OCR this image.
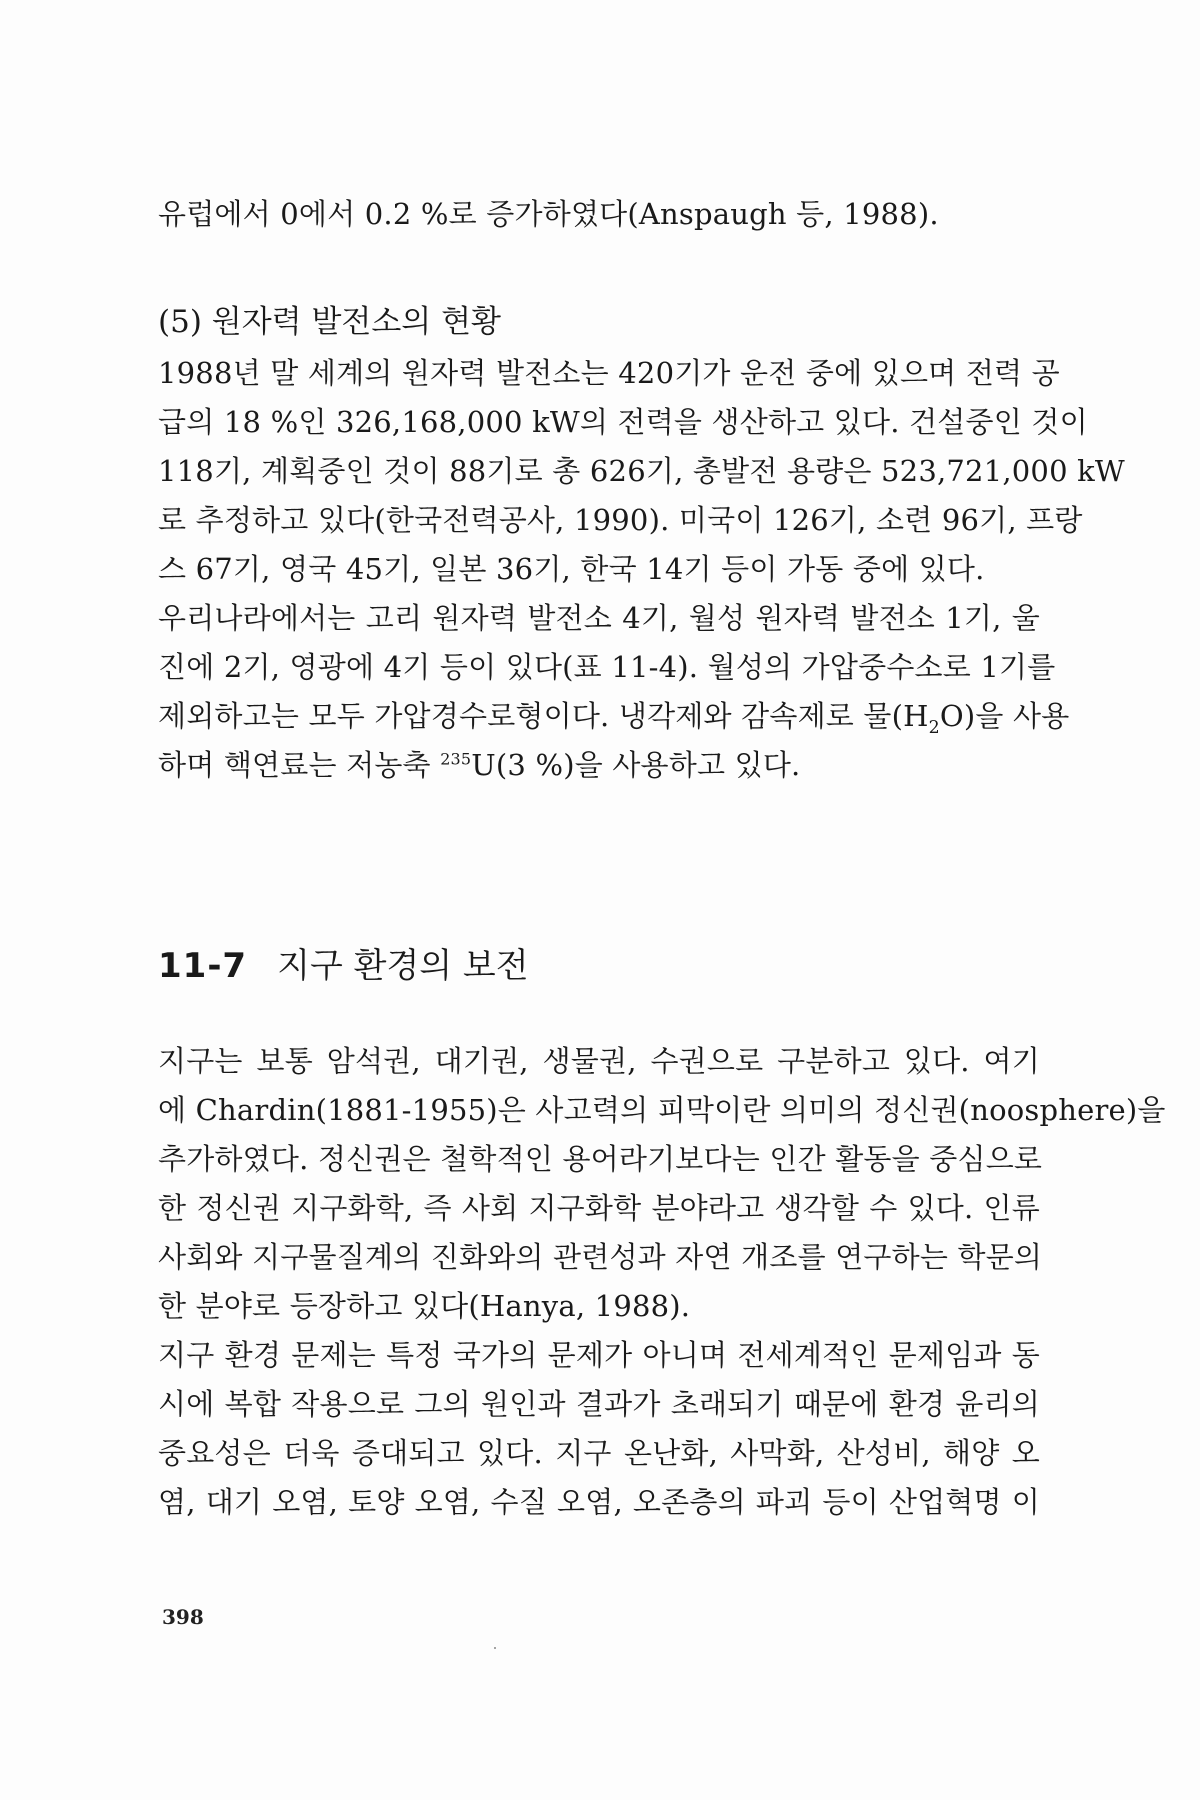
유럽에서 0에서 0.2 %로 증가하였다(Anspaugh 등, 1988).
(5) 원자력 발전소의 현황
1988년 말 세계의 원자력 발전소는 420기가 운전 중에 있으며 전력 공
급의 18 %인 326,168,000 kW의 전력을 생산하고 있다. 건설중인 것이
118기, 계획중인 것이 88기로 총 626기, 총발전 용량은 523,721,000 kW
로 추정하고 있다(한국전력공사, 1990). 미국이 126기, 소련 96기, 프랑
스 67기, 영국 45기, 일본 36기, 한국 14기 등이 가동 중에 있다.
우리나라에서는 고리 원자력 발전소 4기, 월성 원자력 발전소 1기, 울
진에 2기, 영광에 4기 등이 있다(표 11-4). 월성의 가압중수소로 1기를
제외하고는 모두 가압경수로형이다. 냉각제와 감속제로 물$(H_2O)$을 사용
하며 핵연료는 저농축 $^{235}$U(3 %)을 사용하고 있다.
11-7 지구 환경의 보전
지구는 보통 암석권, 대기권, 생물권, 수권으로 구분하고 있다. 여기
에 Chardin(1881-1955)은 사고력의 피막이란 의미의 정신권(noosphere)을
추가하였다. 정신권은 철학적인 용어라기보다는 인간 활동을 중심으로
한 정신권 지구화학, 즉 사회 지구화학 분야라고 생각할 수 있다. 인류
사회와 지구물질계의 진화와의 관련성과 자연 개조를 연구하는 학문의
한 분야로 등장하고 있다(Hanya, 1988).
지구 환경 문제는 특정 국가의 문제가 아니며 전세계적인 문제임과 동
시에 복합 작용으로 그의 원인과 결과가 초래되기 때문에 환경 윤리의
중요성은 더욱 증대되고 있다. 지구 온난화, 사막화, 산성비, 해양 오
염, 대기 오염, 토양 오염, 수질 오염, 오존층의 파괴 등이 산업혁명 이
398
